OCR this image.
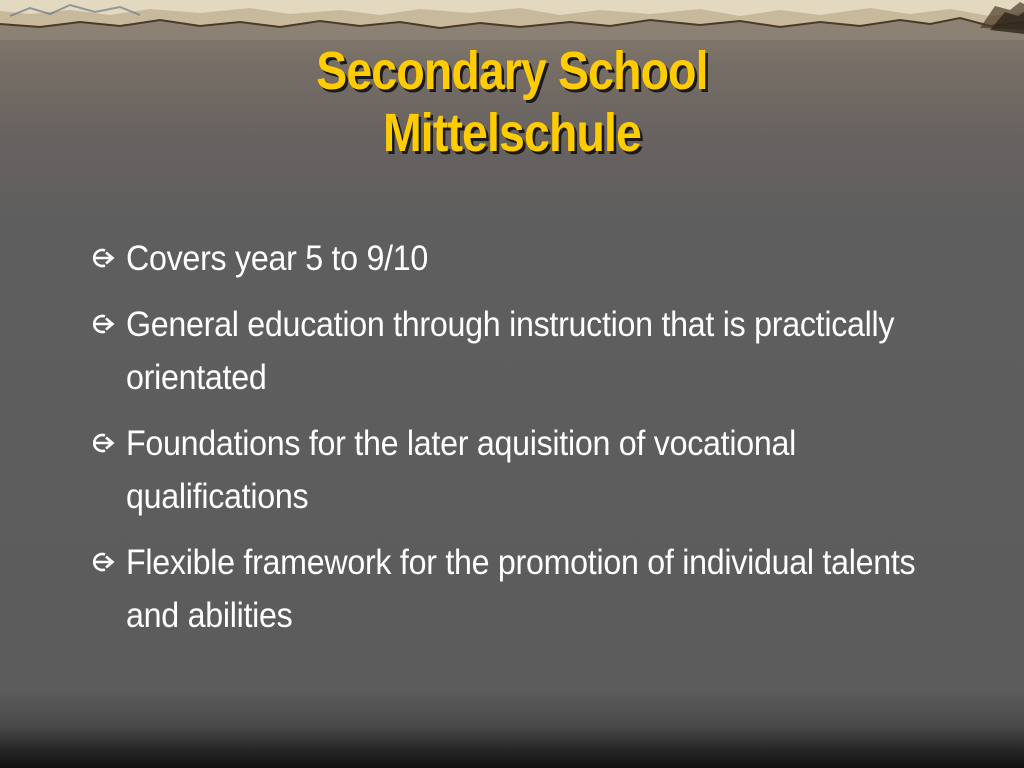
Secondary School
Mittelschule
Covers year 5 to 9/10
General education through instruction that is practically orientated
Foundations for the later aquisition of vocational qualifications
Flexible framework for the promotion of individual talents and abilities
